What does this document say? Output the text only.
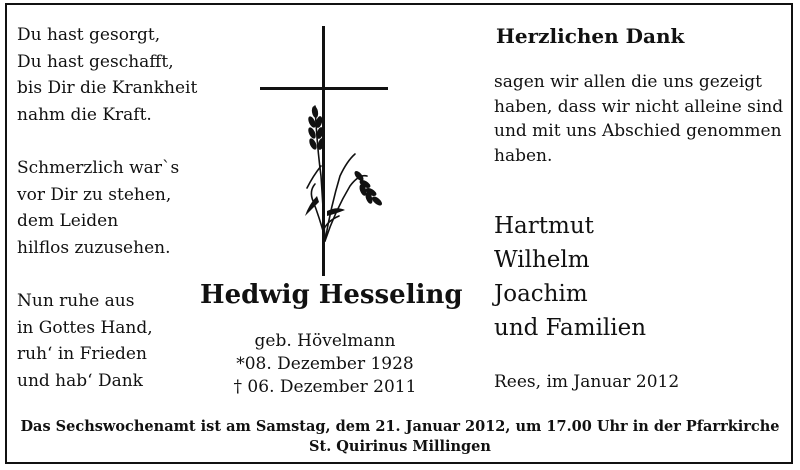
Du hast gesorgt,
Du hast geschafft,
bis Dir die Krankheit
nahm die Kraft.
Schmerzlich war`s
vor Dir zu stehen,
dem Leiden
hilflos zuzusehen.
Nun ruhe aus
in Gottes Hand,
ruh‘ in Frieden
und hab‘ Dank
Hedwig Hesseling
geb. Hövelmann
*08. Dezember 1928
† 06. Dezember 2011
Herzlichen Dank
sagen wir allen die uns gezeigt
haben, dass wir nicht alleine sind
und mit uns Abschied genommen
haben.
Hartmut
Wilhelm
Joachim
und Familien
Rees, im Januar 2012
Das Sechswochenamt ist am Samstag, dem 21. Januar 2012, um 17.00 Uhr in der Pfarrkirche
St. Quirinus Millingen
